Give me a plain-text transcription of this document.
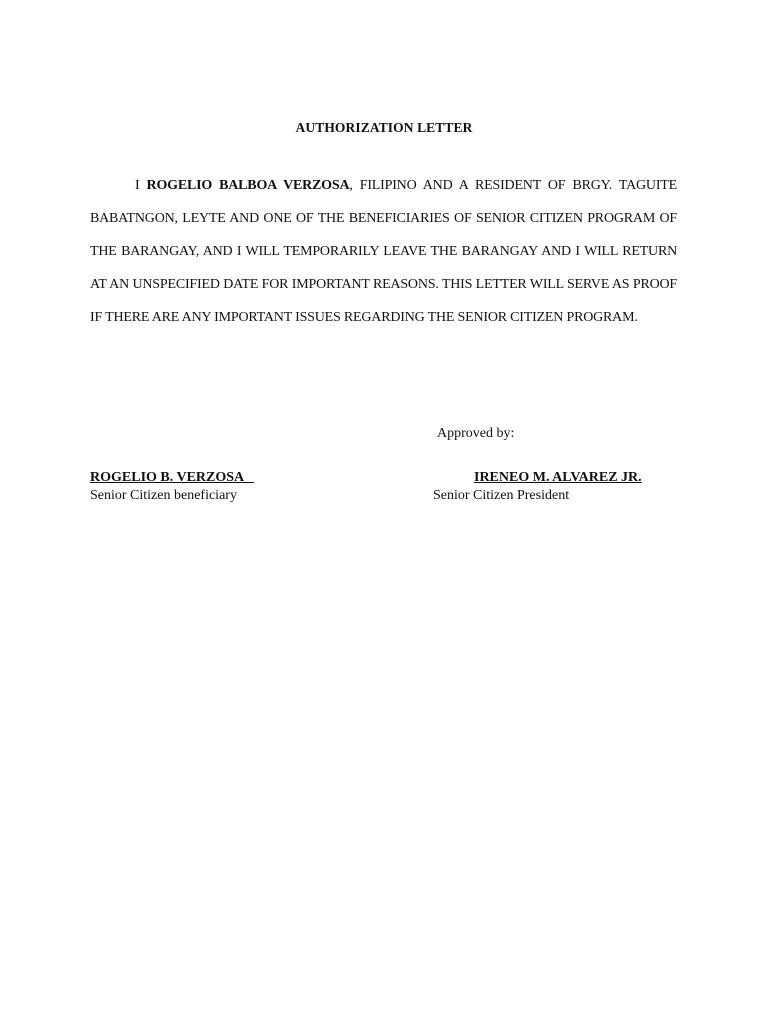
AUTHORIZATION LETTER

I ROGELIO BALBOA VERZOSA, FILIPINO AND A RESIDENT OF BRGY. TAGUITE BABATNGON, LEYTE AND ONE OF THE BENEFICIARIES OF SENIOR CITIZEN PROGRAM OF THE BARANGAY, AND I WILL TEMPORARILY LEAVE THE BARANGAY AND I WILL RETURN AT AN UNSPECIFIED DATE FOR IMPORTANT REASONS. THIS LETTER WILL SERVE AS PROOF IF THERE ARE ANY IMPORTANT ISSUES REGARDING THE SENIOR CITIZEN PROGRAM.

Approved by:
ROGELIO B. VERZOSA
Senior Citizen beneficiary
IRENEO M. ALVAREZ JR.
Senior Citizen President
